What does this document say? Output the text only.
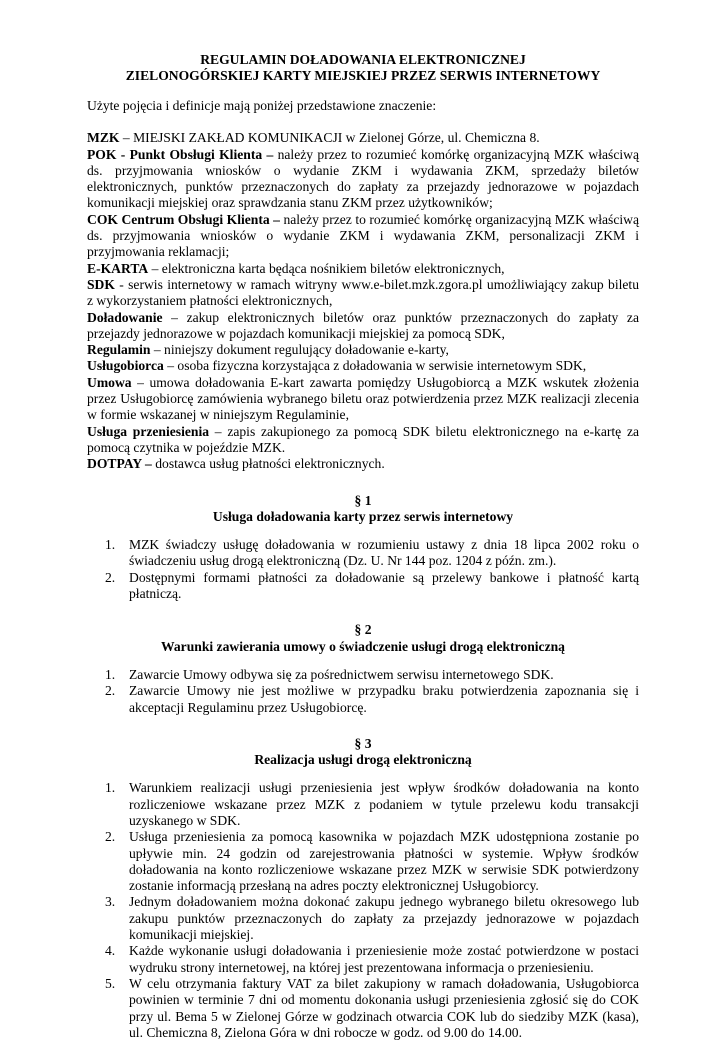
REGULAMIN DOŁADOWANIA ELEKTRONICZNEJ
ZIELONOGÓRSKIEJ KARTY MIEJSKIEJ PRZEZ SERWIS INTERNETOWY
Użyte pojęcia i definicje mają poniżej przedstawione znaczenie:
MZK – MIEJSKI ZAKŁAD KOMUNIKACJI w Zielonej Górze, ul. Chemiczna 8.
POK - Punkt Obsługi Klienta – należy przez to rozumieć komórkę organizacyjną MZK właściwą ds. przyjmowania wniosków o wydanie ZKM i wydawania ZKM, sprzedaży biletów elektronicznych, punktów przeznaczonych do zapłaty za przejazdy jednorazowe w pojazdach komunikacji miejskiej oraz sprawdzania stanu ZKM przez użytkowników;
COK Centrum Obsługi Klienta – należy przez to rozumieć komórkę organizacyjną MZK właściwą ds. przyjmowania wniosków o wydanie ZKM i wydawania ZKM, personalizacji ZKM i przyjmowania reklamacji;
E-KARTA – elektroniczna karta będąca nośnikiem biletów elektronicznych,
SDK - serwis internetowy w ramach witryny www.e-bilet.mzk.zgora.pl umożliwiający zakup biletu z wykorzystaniem płatności elektronicznych,
Doładowanie – zakup elektronicznych biletów oraz punktów przeznaczonych do zapłaty za przejazdy jednorazowe w pojazdach komunikacji miejskiej za pomocą SDK,
Regulamin – niniejszy dokument regulujący doładowanie e-karty,
Usługobiorca – osoba fizyczna korzystająca z doładowania w serwisie internetowym SDK,
Umowa – umowa doładowania E-kart zawarta pomiędzy Usługobiorcą a MZK wskutek złożenia przez Usługobiorcę zamówienia wybranego biletu oraz potwierdzenia przez MZK realizacji zlecenia w formie wskazanej w niniejszym Regulaminie,
Usługa przeniesienia – zapis zakupionego za pomocą SDK biletu elektronicznego na e-kartę za pomocą czytnika w pojeździe MZK.
DOTPAY – dostawca usług płatności elektronicznych.
§ 1
Usługa doładowania karty przez serwis internetowy
1. MZK świadczy usługę doładowania w rozumieniu ustawy z dnia 18 lipca 2002 roku o świadczeniu usług drogą elektroniczną (Dz. U. Nr 144 poz. 1204 z późn. zm.).
2. Dostępnymi formami płatności za doładowanie są przelewy bankowe i płatność kartą płatniczą.
§ 2
Warunki zawierania umowy o świadczenie usługi drogą elektroniczną
1. Zawarcie Umowy odbywa się za pośrednictwem serwisu internetowego SDK.
2. Zawarcie Umowy nie jest możliwe w przypadku braku potwierdzenia zapoznania się i akceptacji Regulaminu przez Usługobiorcę.
§ 3
Realizacja usługi drogą elektroniczną
1. Warunkiem realizacji usługi przeniesienia jest wpływ środków doładowania na konto rozliczeniowe wskazane przez MZK z podaniem w tytule przelewu kodu transakcji uzyskanego w SDK.
2. Usługa przeniesienia za pomocą kasownika w pojazdach MZK udostępniona zostanie po upływie min. 24 godzin od zarejestrowania płatności w systemie. Wpływ środków doładowania na konto rozliczeniowe wskazane przez MZK w serwisie SDK potwierdzony zostanie informacją przesłaną na adres poczty elektronicznej Usługobiorcy.
3. Jednym doładowaniem można dokonać zakupu jednego wybranego biletu okresowego lub zakupu punktów przeznaczonych do zapłaty za przejazdy jednorazowe w pojazdach komunikacji miejskiej.
4. Każde wykonanie usługi doładowania i przeniesienie może zostać potwierdzone w postaci wydruku strony internetowej, na której jest prezentowana informacja o przeniesieniu.
5. W celu otrzymania faktury VAT za bilet zakupiony w ramach doładowania, Usługobiorca powinien w terminie 7 dni od momentu dokonania usługi przeniesienia zgłosić się do COK przy ul. Bema 5 w Zielonej Górze w godzinach otwarcia COK lub do siedziby MZK (kasa), ul. Chemiczna 8, Zielona Góra w dni robocze w godz. od 9.00 do 14.00.
